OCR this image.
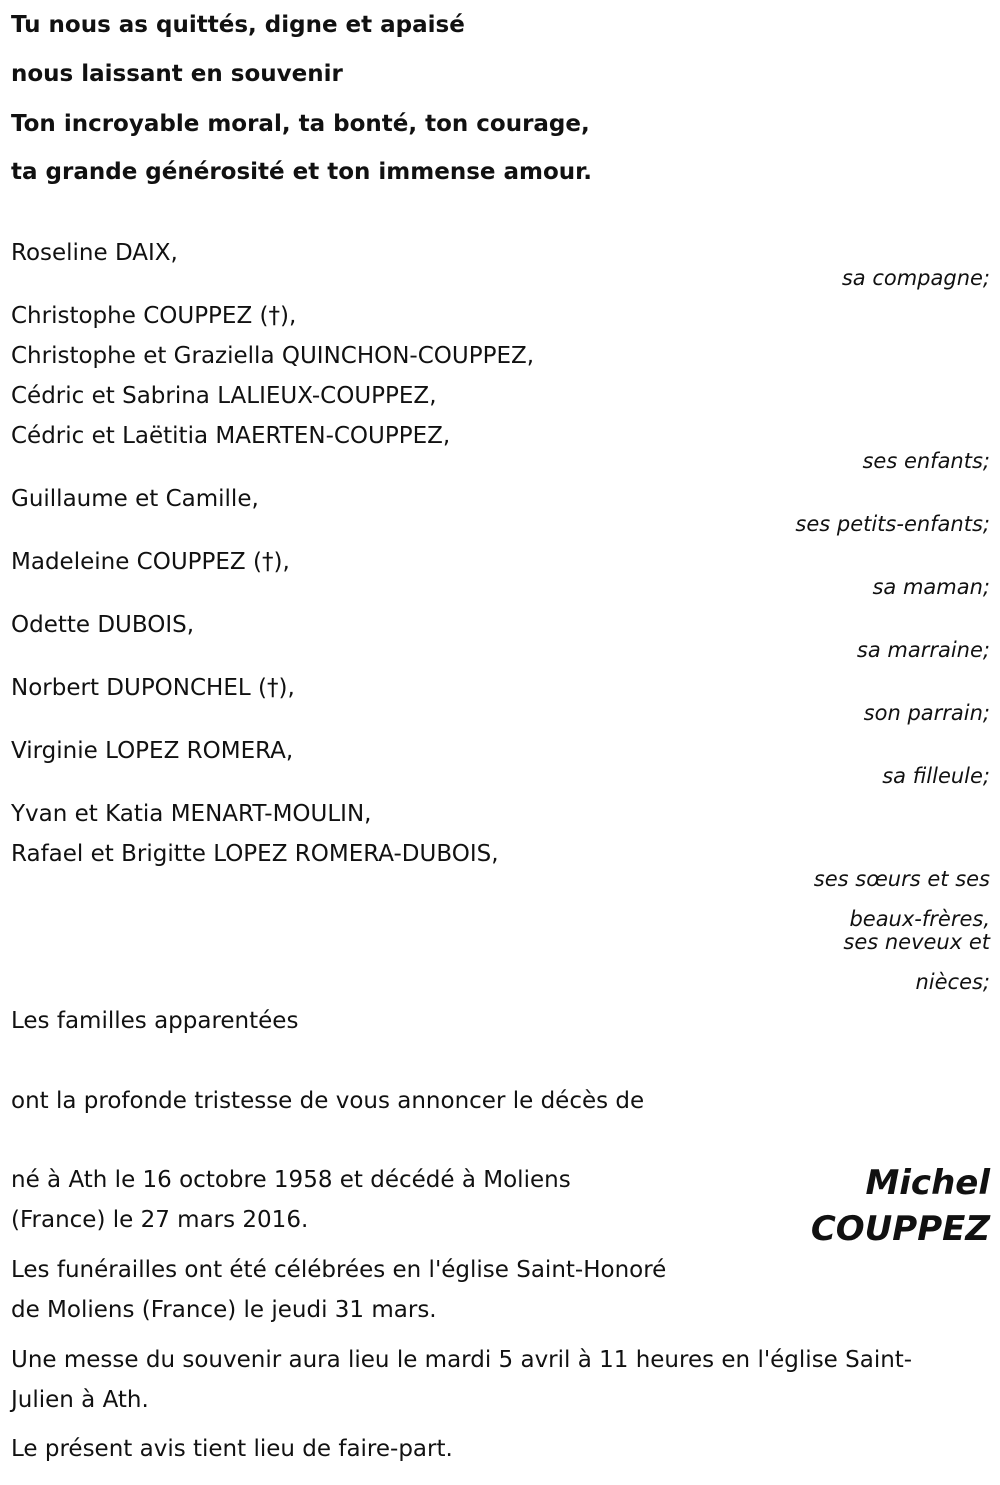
Tu nous as quittés, digne et apaisé
nous laissant en souvenir
Ton incroyable moral, ta bonté, ton courage,
ta grande générosité et ton immense amour.
Roseline DAIX,
Christophe COUPPEZ (†),
Christophe et Graziella QUINCHON-COUPPEZ,
Cédric et Sabrina LALIEUX-COUPPEZ,
Cédric et Laëtitia MAERTEN-COUPPEZ,
Guillaume et Camille,
Madeleine COUPPEZ (†),
Odette DUBOIS,
Norbert DUPONCHEL (†),
Virginie LOPEZ ROMERA,
Yvan et Katia MENART-MOULIN,
Rafael et Brigitte LOPEZ ROMERA-DUBOIS,
sa compagne;
ses enfants;
ses petits-enfants;
sa maman;
sa marraine;
son parrain;
sa filleule;
ses sœurs et ses
beaux-frères,
ses neveux et
nièces;
Les familles apparentées
ont la profonde tristesse de vous annoncer le décès de
Michel
COUPPEZ
né à Ath le 16 octobre 1958 et décédé à Moliens (France) le 27 mars 2016.
Les funérailles ont été célébrées en l'église Saint-Honoré de Moliens (France) le jeudi 31 mars.
Une messe du souvenir aura lieu le mardi 5 avril à 11 heures en l'église Saint-Julien à Ath.
Le présent avis tient lieu de faire-part.
